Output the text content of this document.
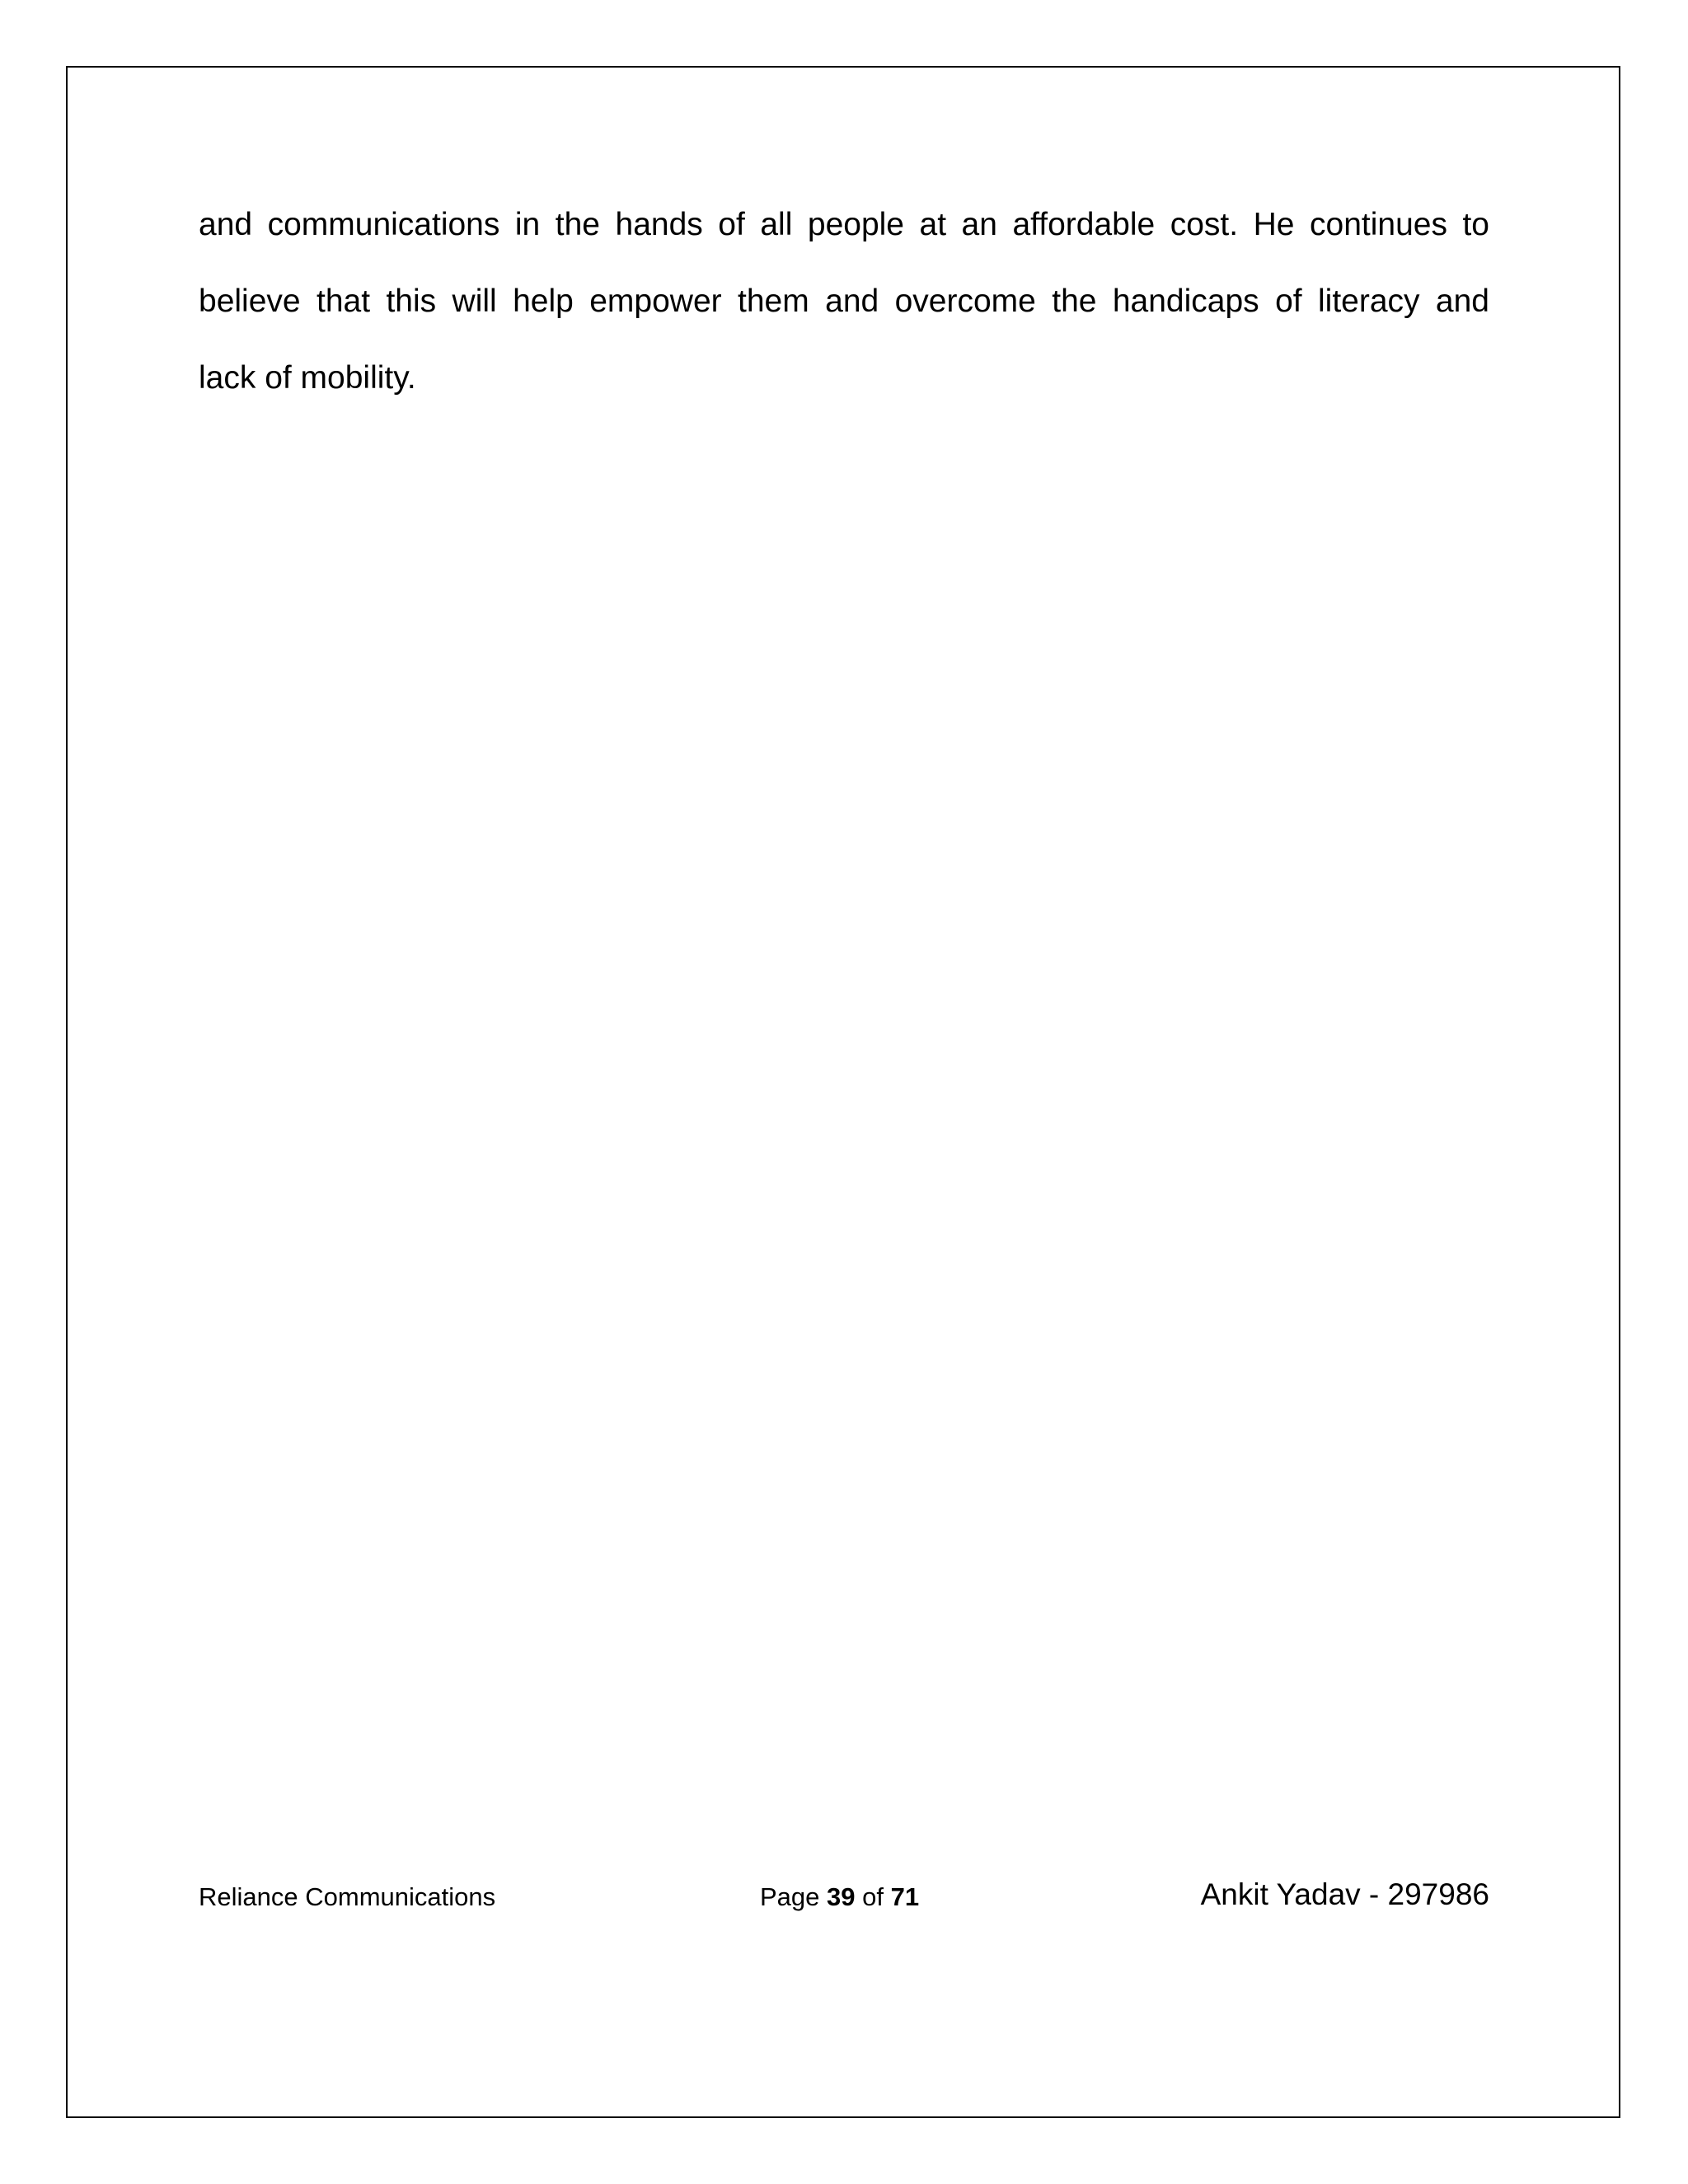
and communications in the hands of all people at an affordable cost. He continues to
believe that this will help empower them and overcome the handicaps of literacy and
lack of mobility.

Reliance Communications	Page 39 of 71	Ankit Yadav - 297986
